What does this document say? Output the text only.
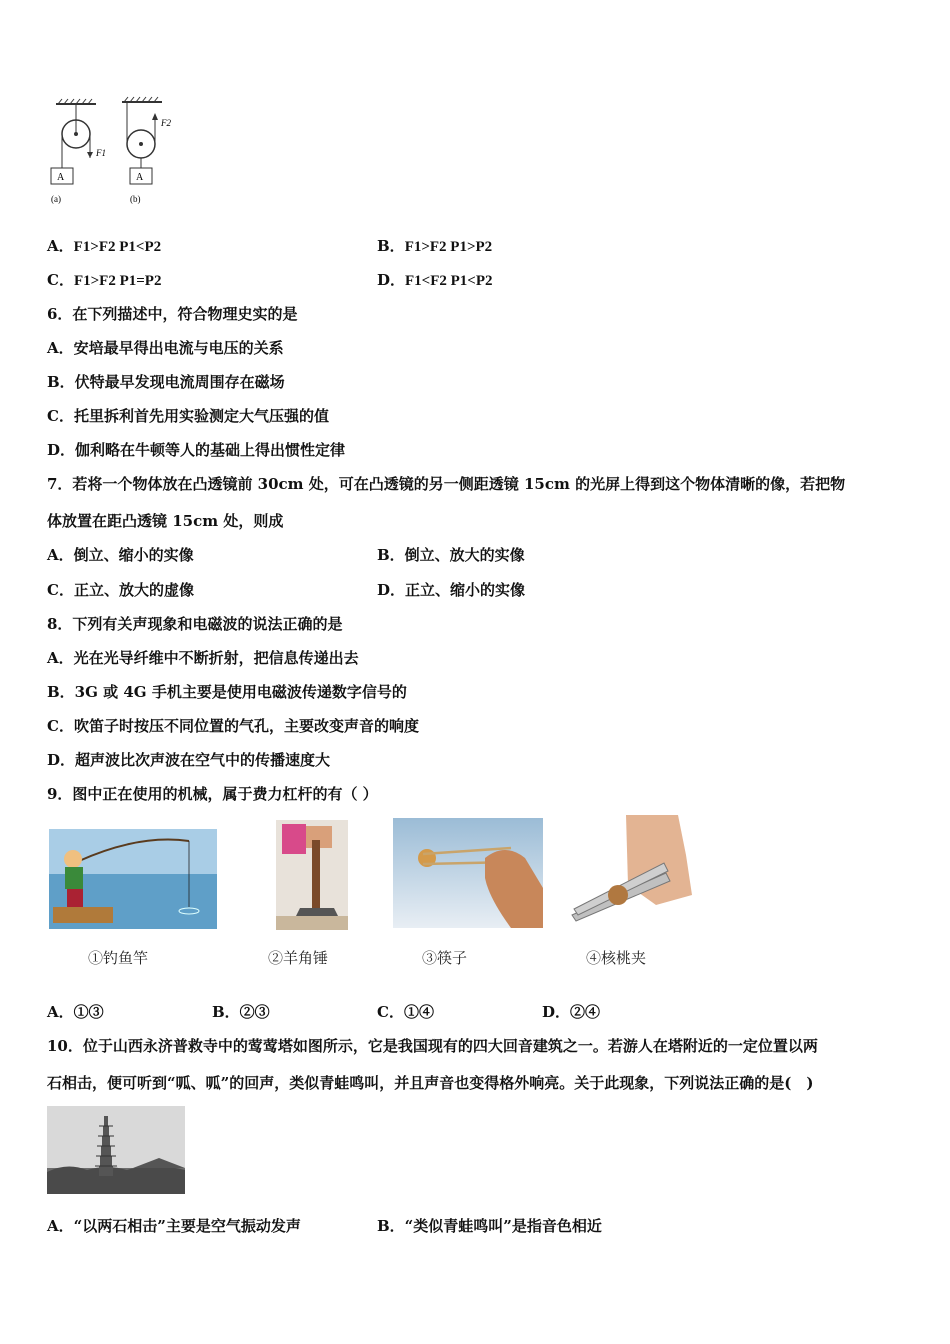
F1
A
(a)
F2
A
(b)
A．F1>F2 P1<P2	B．F1>F2 P1>P2
C．F1>F2 P1=P2	D．F1<F2 P1<P2
6．在下列描述中，符合物理史实的是
A．安培最早得出电流与电压的关系
B．伏特最早发现电流周围存在磁场
C．托里拆利首先用实验测定大气压强的值
D．伽利略在牛顿等人的基础上得出惯性定律
7．若将一个物体放在凸透镜前 30cm 处，可在凸透镜的另一侧距透镜 15cm 的光屏上得到这个物体清晰的像，若把物
体放置在距凸透镜 15cm 处，则成
A．倒立、缩小的实像	B．倒立、放大的实像
C．正立、放大的虚像	D．正立、缩小的实像
8．下列有关声现象和电磁波的说法正确的是
A．光在光导纤维中不断折射，把信息传递出去
B．3G 或 4G 手机主要是使用电磁波传递数字信号的
C．吹笛子时按压不同位置的气孔，主要改变声音的响度
D．超声波比次声波在空气中的传播速度大
9．图中正在使用的机械，属于费力杠杆的有（ ）
①钓鱼竿	②羊角锤	③筷子	④核桃夹
A．①③	B．②③	C．①④	D．②④
10．位于山西永济普救寺中的莺莺塔如图所示，它是我国现有的四大回音建筑之一。若游人在塔附近的一定位置以两
石相击，便可听到“呱、呱”的回声，类似青蛙鸣叫，并且声音也变得格外响亮。关于此现象，下列说法正确的是(　)
A．“以两石相击”主要是空气振动发声	B．“类似青蛙鸣叫”是指音色相近
